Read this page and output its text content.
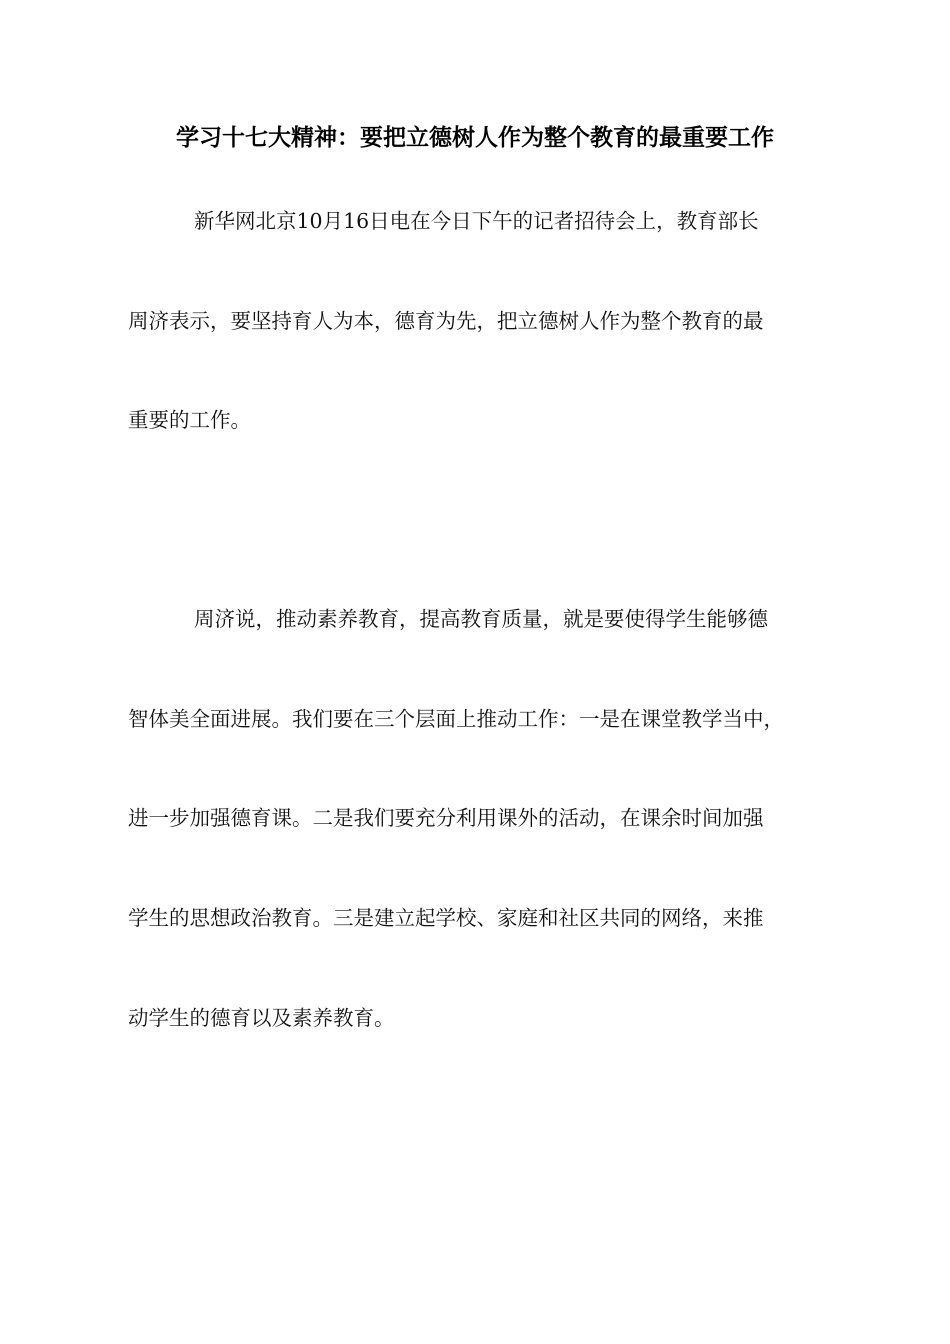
学习十七大精神：要把立德树人作为整个教育的最重要工作

新华网北京10月16日电在今日下午的记者招待会上，教育部长

周济表示，要坚持育人为本，德育为先，把立德树人作为整个教育的最

重要的工作。

周济说，推动素养教育，提高教育质量，就是要使得学生能够德

智体美全面进展。我们要在三个层面上推动工作：一是在课堂教学当中，

进一步加强德育课。二是我们要充分利用课外的活动，在课余时间加强

学生的思想政治教育。三是建立起学校、家庭和社区共同的网络，来推

动学生的德育以及素养教育。
